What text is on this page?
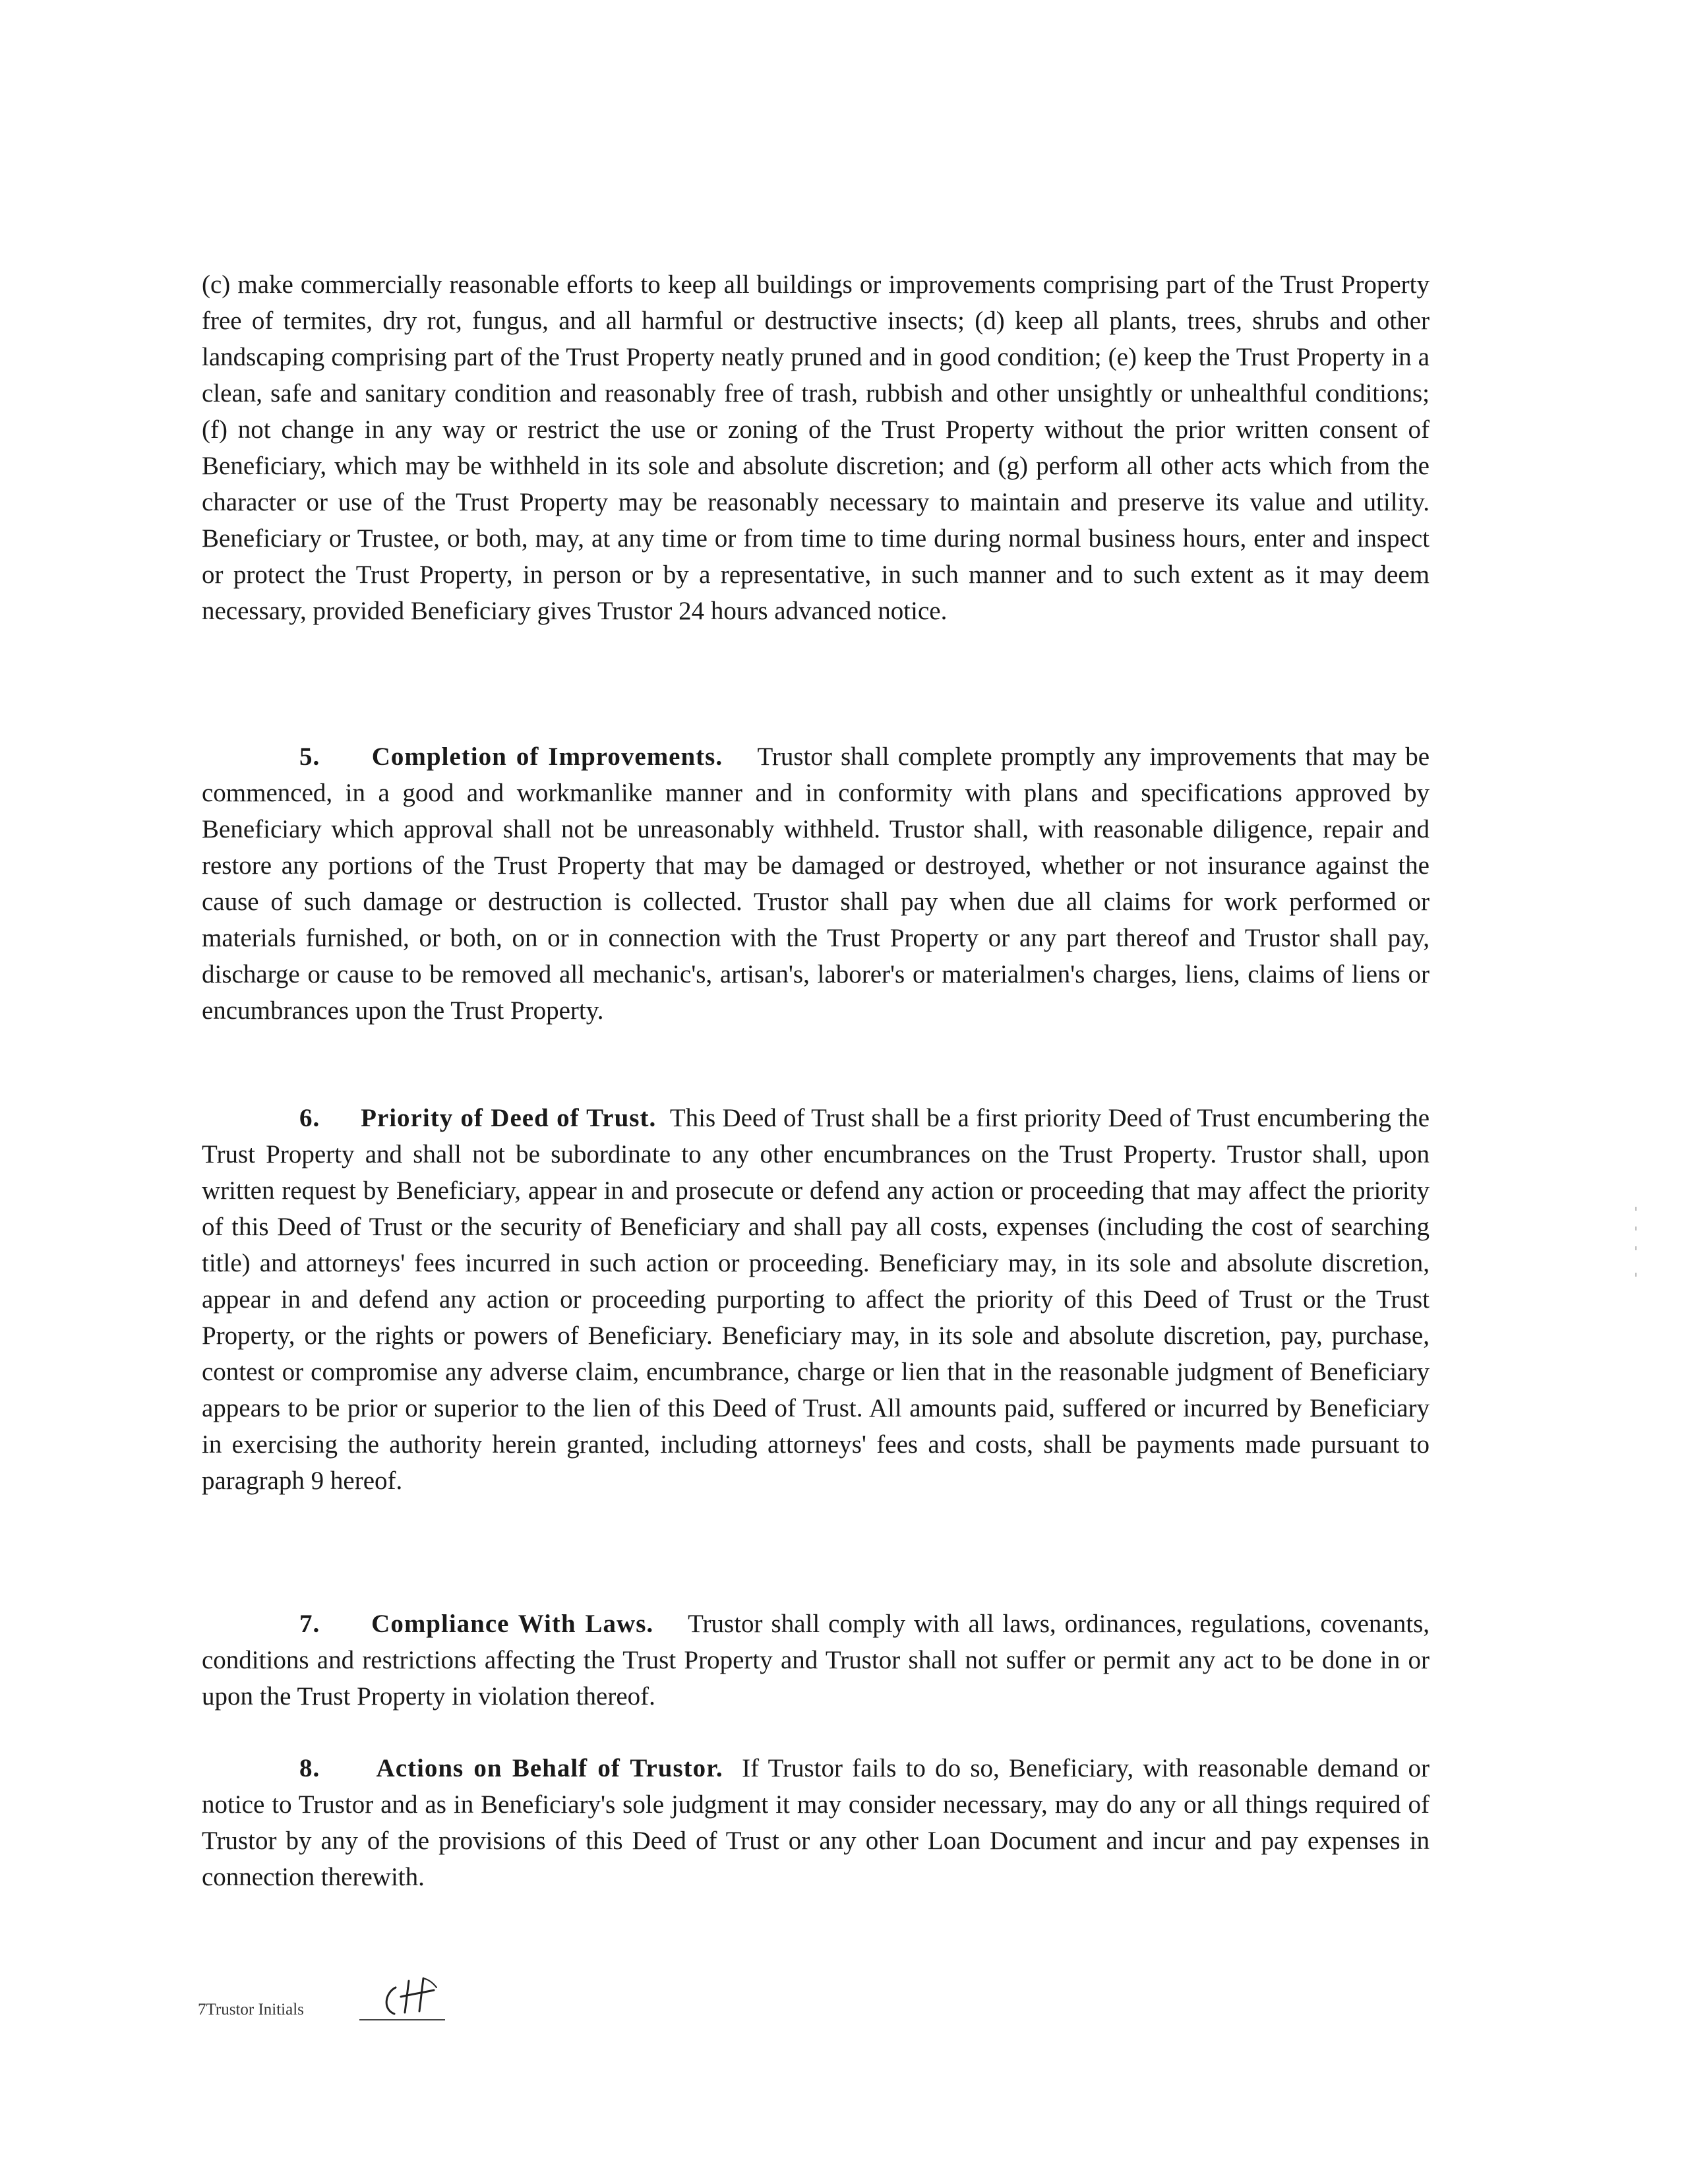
(c) make commercially reasonable efforts to keep all buildings or improvements comprising part of the Trust Property free of termites, dry rot, fungus, and all harmful or destructive insects; (d) keep all plants, trees, shrubs and other landscaping comprising part of the Trust Property neatly pruned and in good condition; (e) keep the Trust Property in a clean, safe and sanitary condition and reasonably free of trash, rubbish and other unsightly or unhealthful conditions; (f) not change in any way or restrict the use or zoning of the Trust Property without the prior written consent of Beneficiary, which may be withheld in its sole and absolute discretion; and (g) perform all other acts which from the character or use of the Trust Property may be reasonably necessary to maintain and preserve its value and utility. Beneficiary or Trustee, or both, may, at any time or from time to time during normal business hours, enter and inspect or protect the Trust Property, in person or by a representative, in such manner and to such extent as it may deem necessary, provided Beneficiary gives Trustor 24 hours advanced notice.

5. Completion of Improvements. Trustor shall complete promptly any improvements that may be commenced, in a good and workmanlike manner and in conformity with plans and specifications approved by Beneficiary which approval shall not be unreasonably withheld. Trustor shall, with reasonable diligence, repair and restore any portions of the Trust Property that may be damaged or destroyed, whether or not insurance against the cause of such damage or destruction is collected. Trustor shall pay when due all claims for work performed or materials furnished, or both, on or in connection with the Trust Property or any part thereof and Trustor shall pay, discharge or cause to be removed all mechanic's, artisan's, laborer's or materialmen's charges, liens, claims of liens or encumbrances upon the Trust Property.

6. Priority of Deed of Trust. This Deed of Trust shall be a first priority Deed of Trust encumbering the Trust Property and shall not be subordinate to any other encumbrances on the Trust Property. Trustor shall, upon written request by Beneficiary, appear in and prosecute or defend any action or proceeding that may affect the priority of this Deed of Trust or the security of Beneficiary and shall pay all costs, expenses (including the cost of searching title) and attorneys' fees incurred in such action or proceeding. Beneficiary may, in its sole and absolute discretion, appear in and defend any action or proceeding purporting to affect the priority of this Deed of Trust or the Trust Property, or the rights or powers of Beneficiary. Beneficiary may, in its sole and absolute discretion, pay, purchase, contest or compromise any adverse claim, encumbrance, charge or lien that in the reasonable judgment of Beneficiary appears to be prior or superior to the lien of this Deed of Trust. All amounts paid, suffered or incurred by Beneficiary in exercising the authority herein granted, including attorneys' fees and costs, shall be payments made pursuant to paragraph 9 hereof.

7. Compliance With Laws. Trustor shall comply with all laws, ordinances, regulations, covenants, conditions and restrictions affecting the Trust Property and Trustor shall not suffer or permit any act to be done in or upon the Trust Property in violation thereof.

8. Actions on Behalf of Trustor. If Trustor fails to do so, Beneficiary, with reasonable demand or notice to Trustor and as in Beneficiary's sole judgment it may consider necessary, may do any or all things required of Trustor by any of the provisions of this Deed of Trust or any other Loan Document and incur and pay expenses in connection therewith.

7Trustor Initials
